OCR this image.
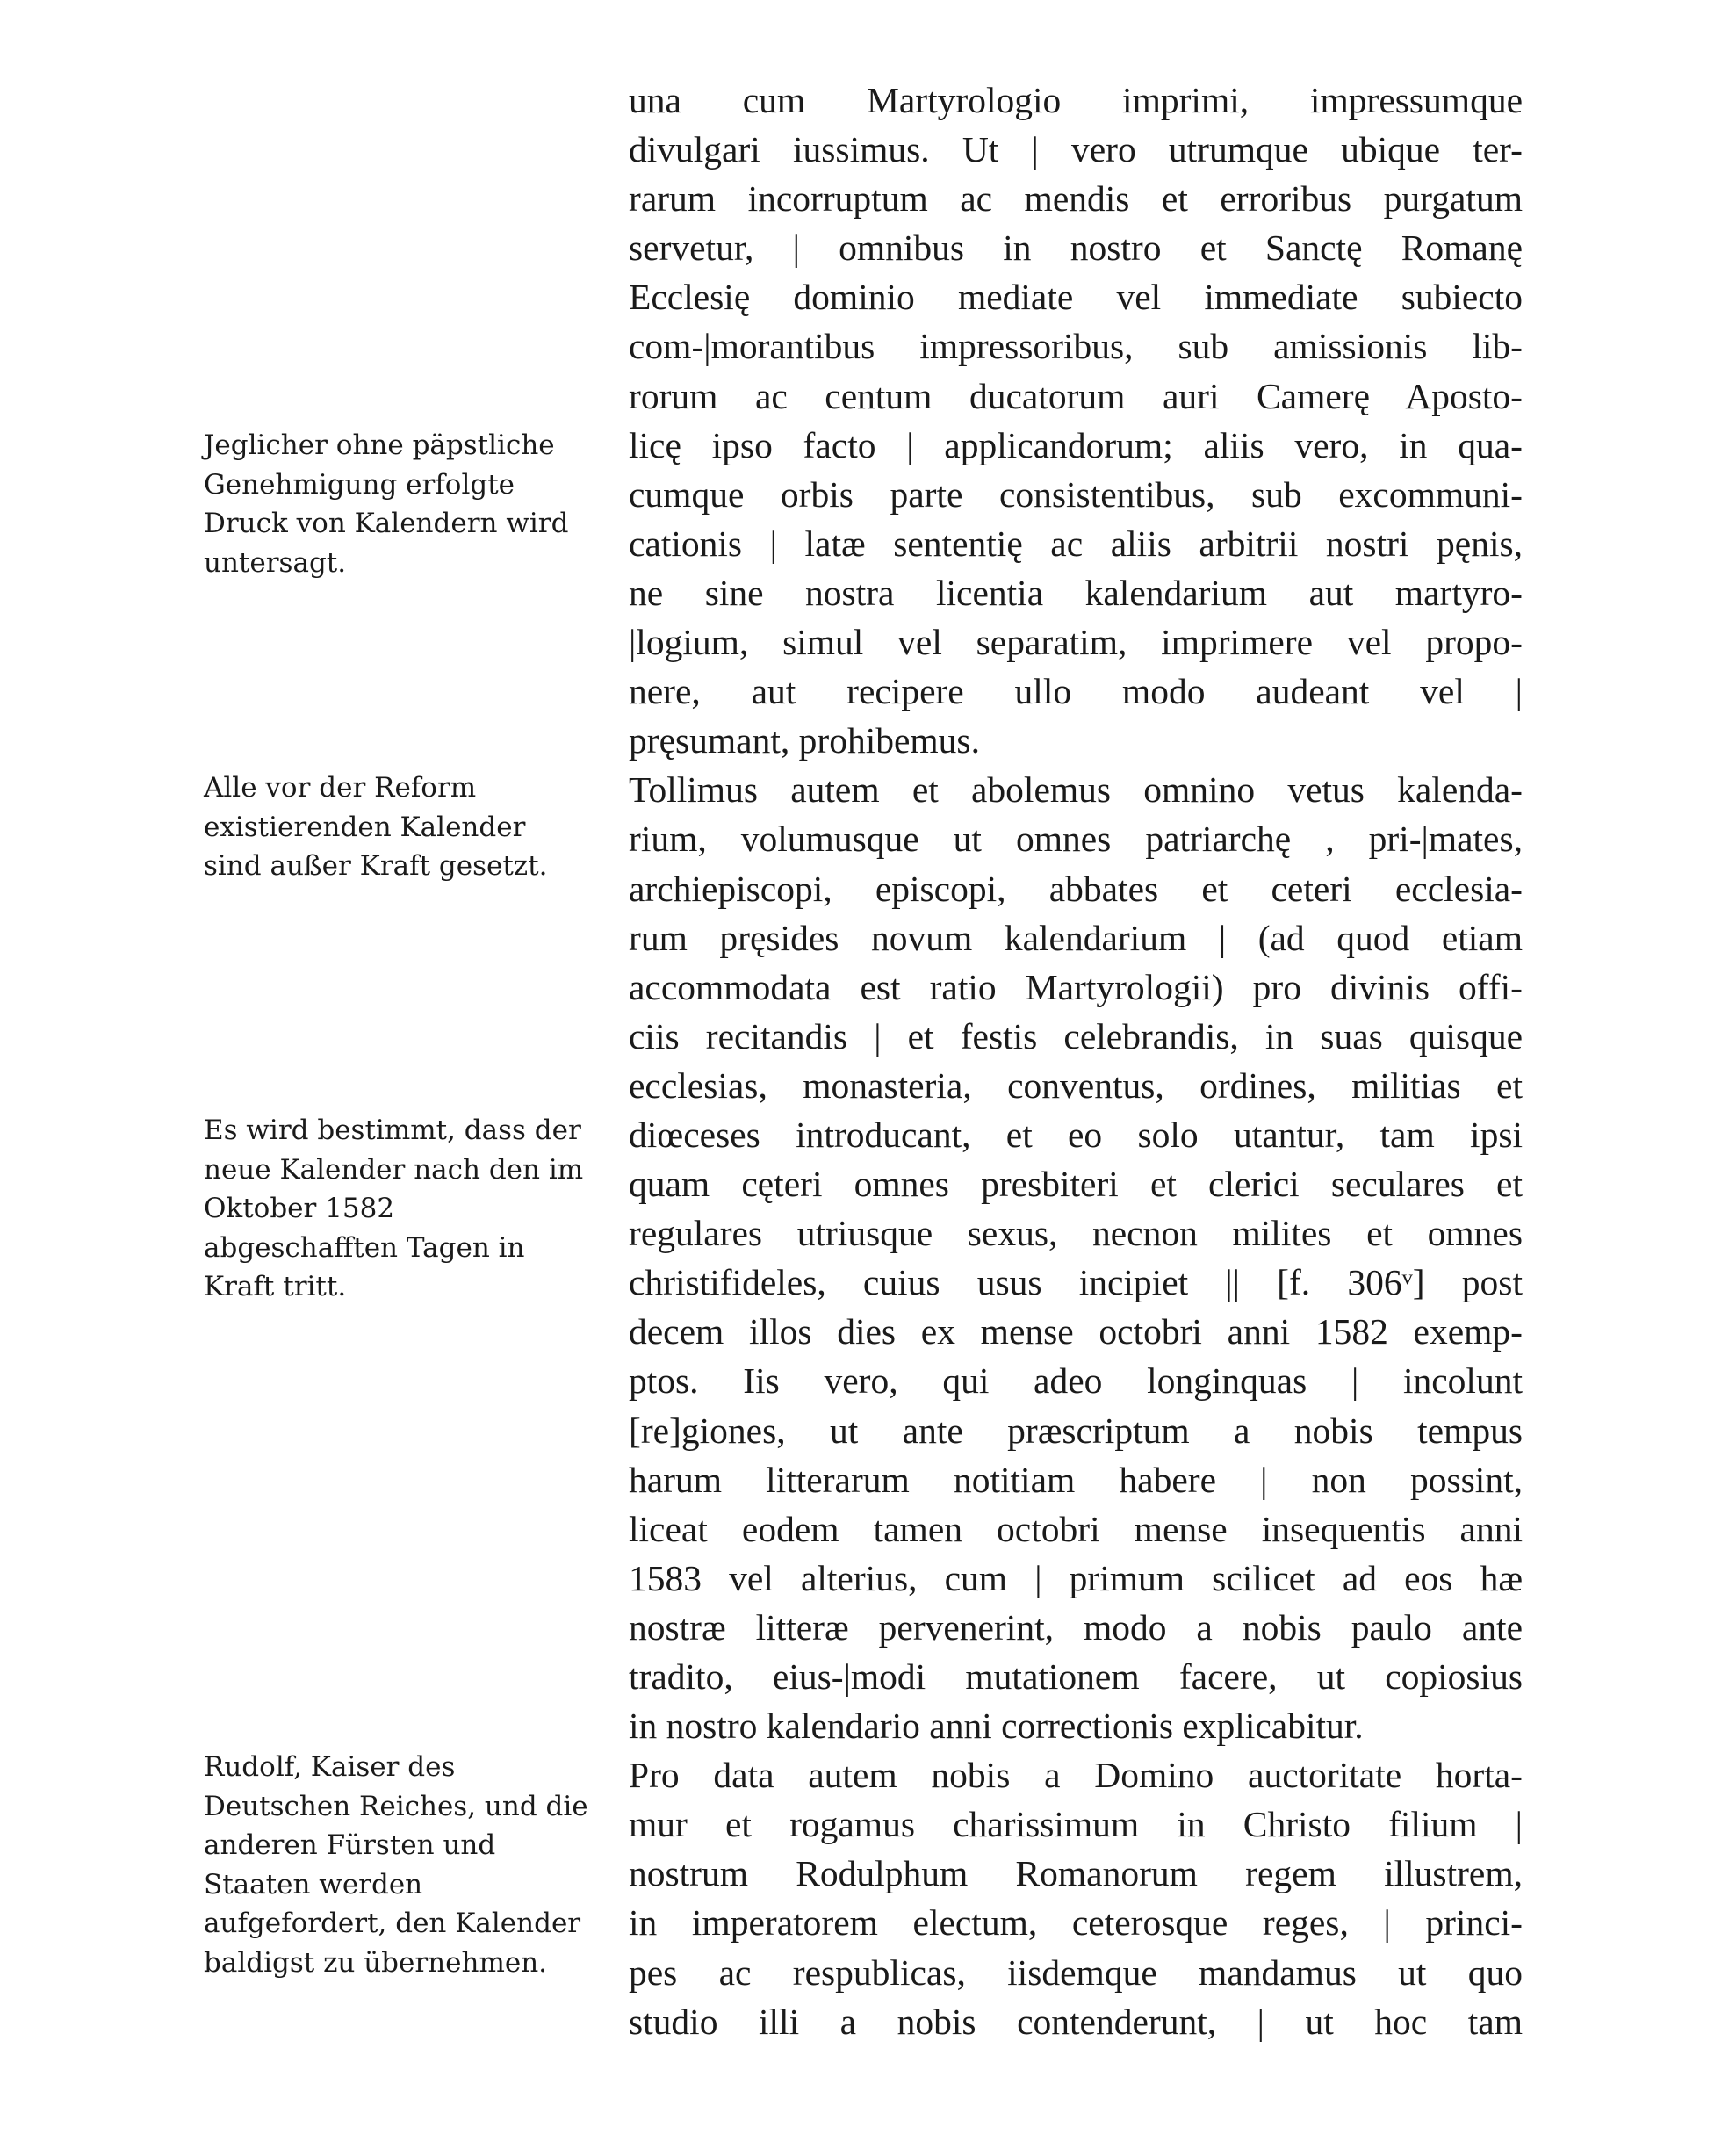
Jeglicher ohne päpstliche Genehmigung erfolgte Druck von Kalendern wird untersagt.

Alle vor der Reform existierenden Kalender sind außer Kraft gesetzt.

Es wird bestimmt, dass der neue Kalender nach den im Oktober 1582 abgeschafften Tagen in Kraft tritt.

Rudolf, Kaiser des Deutschen Reiches, und die anderen Fürsten und Staaten werden aufgefordert, den Kalender baldigst zu übernehmen.

una cum Martyrologio imprimi, impressumque
divulgari iussimus. Ut | vero utrumque ubique ter-
rarum incorruptum ac mendis et erroribus purgatum
servetur, | omnibus in nostro et Sanctę Romanę
Ecclesię dominio mediate vel immediate subiecto
com-|morantibus impressoribus, sub amissionis lib-
rorum ac centum ducatorum auri Camerę Aposto-
licę ipso facto | applicandorum; aliis vero, in qua-
cumque orbis parte consistentibus, sub excommuni-
cationis | latæ sententię ac aliis arbitrii nostri pęnis,
ne sine nostra licentia kalendarium aut martyro-
|logium, simul vel separatim, imprimere vel propo-
nere, aut recipere ullo modo audeant vel |
pręsumant, prohibemus.
Tollimus autem et abolemus omnino vetus kalenda-
rium, volumusque ut omnes patriarchę , pri-|mates,
archiepiscopi, episcopi, abbates et ceteri ecclesia-
rum pręsides novum kalendarium | (ad quod etiam
accommodata est ratio Martyrologii) pro divinis offi-
ciis recitandis | et festis celebrandis, in suas quisque
ecclesias, monasteria, conventus, ordines, militias et
diœceses introducant, et eo solo utantur, tam ipsi
quam cęteri omnes presbiteri et clerici seculares et
regulares utriusque sexus, necnon milites et omnes
christifideles, cuius usus incipiet || [f. 306ᵛ] post
decem illos dies ex mense octobri anni 1582 exemp-
ptos. Iis vero, qui adeo longinquas | incolunt
[re]giones, ut ante præscriptum a nobis tempus
harum litterarum notitiam habere | non possint,
liceat eodem tamen octobri mense insequentis anni
1583 vel alterius, cum | primum scilicet ad eos hæ
nostræ litteræ pervenerint, modo a nobis paulo ante
tradito, eius-|modi mutationem facere, ut copiosius
in nostro kalendario anni correctionis explicabitur.
Pro data autem nobis a Domino auctoritate horta-
mur et rogamus charissimum in Christo filium |
nostrum Rodulphum Romanorum regem illustrem,
in imperatorem electum, ceterosque reges, | princi-
pes ac respublicas, iisdemque mandamus ut quo
studio illi a nobis contenderunt, | ut hoc tam
